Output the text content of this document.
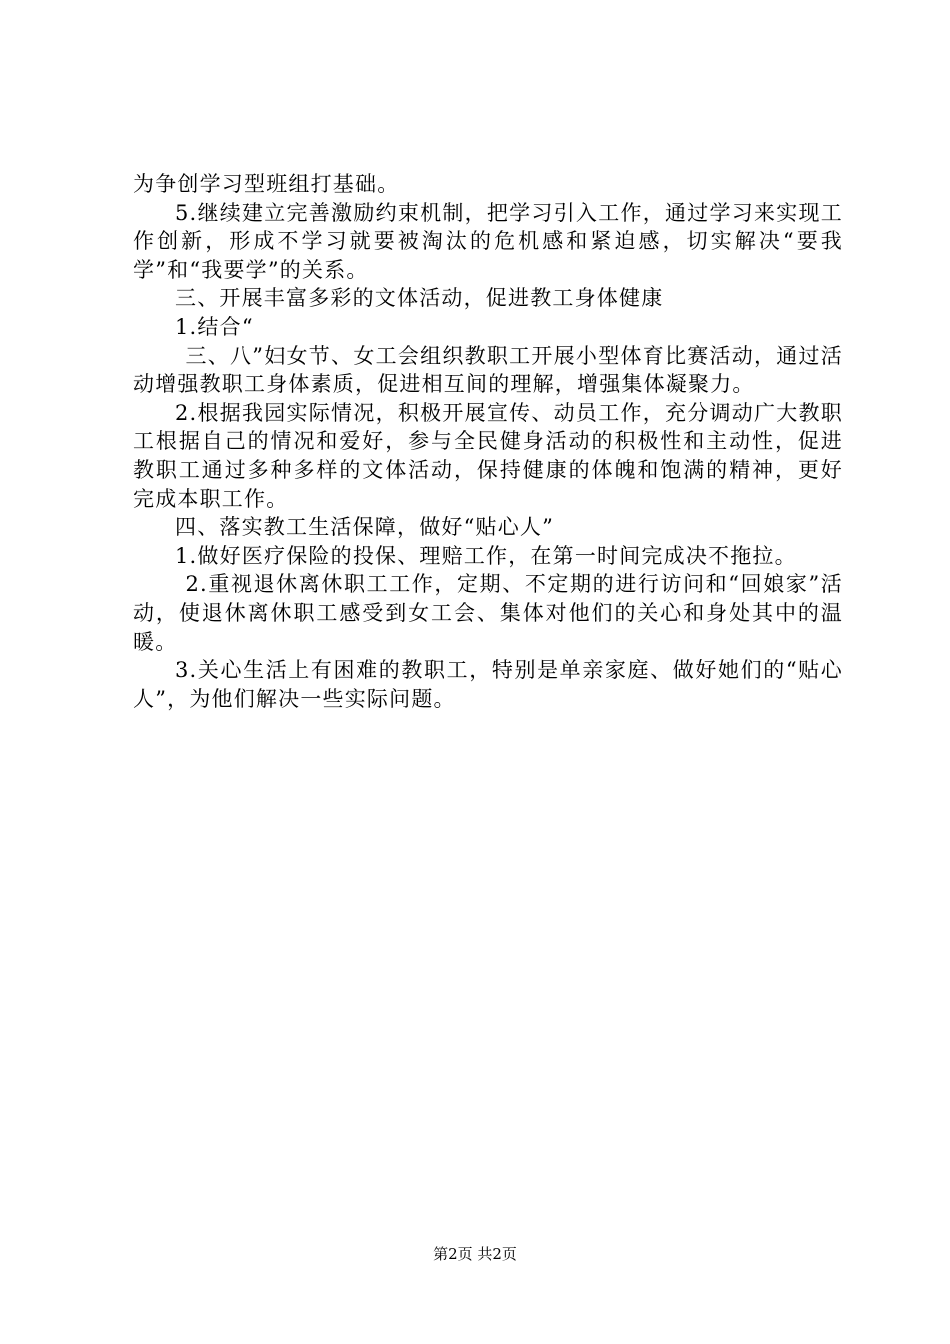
为争创学习型班组打基础。

5.继续建立完善激励约束机制，把学习引入工作，通过学习来实现工作创新，形成不学习就要被淘汰的危机感和紧迫感，切实解决“要我学”和“我要学”的关系。

三、开展丰富多彩的文体活动，促进教工身体健康

1.结合“

三、八”妇女节、女工会组织教职工开展小型体育比赛活动，通过活动增强教职工身体素质，促进相互间的理解，增强集体凝聚力。

2.根据我园实际情况，积极开展宣传、动员工作，充分调动广大教职工根据自己的情况和爱好，参与全民健身活动的积极性和主动性，促进教职工通过多种多样的文体活动，保持健康的体魄和饱满的精神，更好完成本职工作。

四、落实教工生活保障，做好“贴心人”

1.做好医疗保险的投保、理赔工作，在第一时间完成决不拖拉。

2.重视退休离休职工工作，定期、不定期的进行访问和“回娘家”活动，使退休离休职工感受到女工会、集体对他们的关心和身处其中的温暖。

3.关心生活上有困难的教职工，特别是单亲家庭、做好她们的“贴心人”，为他们解决一些实际问题。

第2页 共2页
